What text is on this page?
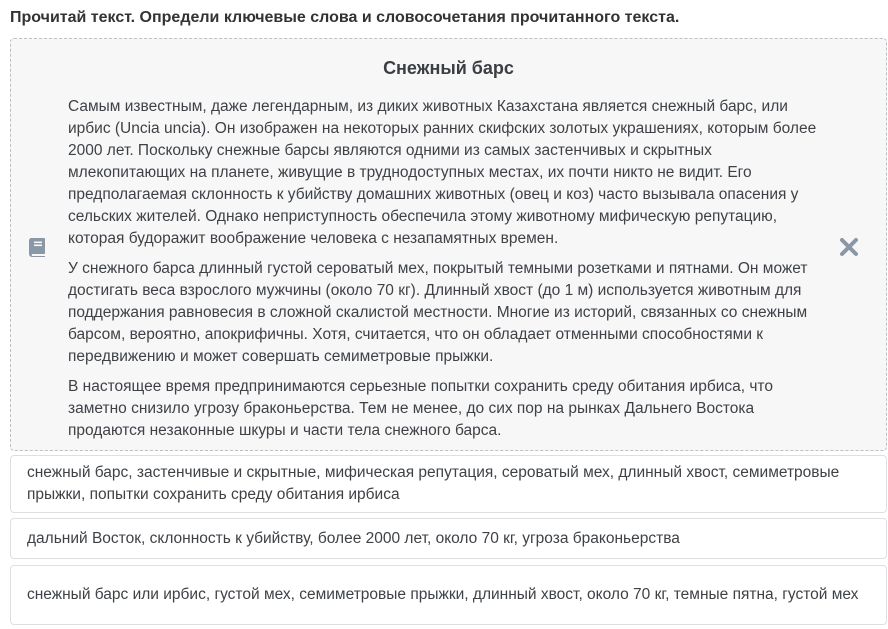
Прочитай текст. Определи ключевые слова и словосочетания прочитанного текста.
Снежный барс

Самым известным, даже легендарным, из диких животных Казахстана является снежный барс, или ирбис (Uncia uncia). Он изображен на некоторых ранних скифских золотых украшениях, которым более 2000 лет. Поскольку снежные барсы являются одними из самых застенчивых и скрытных млекопитающих на планете, живущие в труднодоступных местах, их почти никто не видит. Его предполагаемая склонность к убийству домашних животных (овец и коз) часто вызывала опасения у сельских жителей. Однако неприступность обеспечила этому животному мифическую репутацию, которая будоражит воображение человека с незапамятных времен.

У снежного барса длинный густой сероватый мех, покрытый темными розетками и пятнами. Он может достигать веса взрослого мужчины (около 70 кг). Длинный хвост (до 1 м) используется животным для поддержания равновесия в сложной скалистой местности. Многие из историй, связанных со снежным барсом, вероятно, апокрифичны. Хотя, считается, что он обладает отменными способностями к передвижению и может совершать семиметровые прыжки.

В настоящее время предпринимаются серьезные попытки сохранить среду обитания ирбиса, что заметно снизило угрозу браконьерства. Тем не менее, до сих пор на рынках Дальнего Востока продаются незаконные шкуры и части тела снежного барса.

снежный барс, застенчивые и скрытные, мифическая репутация, сероватый мех, длинный хвост, семиметровые прыжки, попытки сохранить среду обитания ирбиса
дальний Восток, склонность к убийству, более 2000 лет, около 70 кг, угроза браконьерства
снежный барс или ирбис, густой мех, семиметровые прыжки, длинный хвост, около 70 кг, темные пятна, густой мех
